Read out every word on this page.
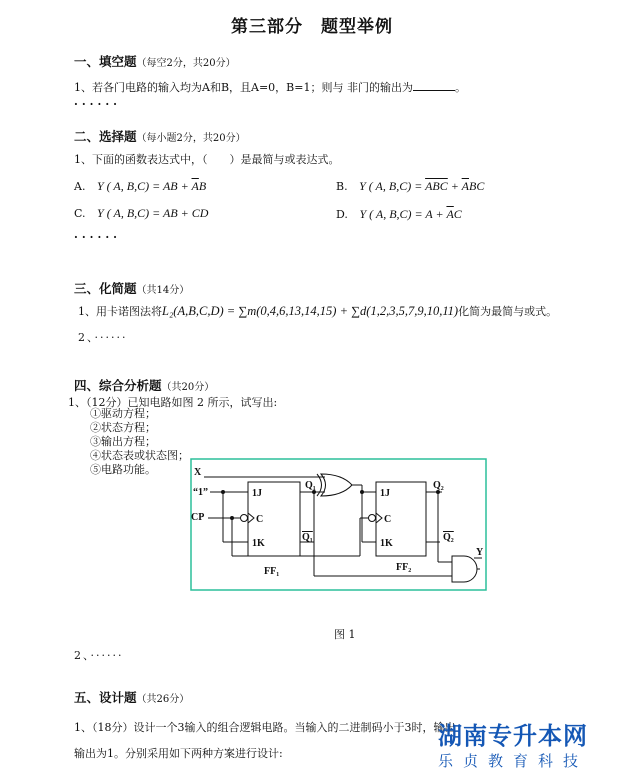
第三部分　题型举例
一、填空题（每空2分，共20分）
1、若各门电路的输入均为A和B，且A=0，B=1；则与 非门的输出为	。
······
二、选择题（每小题2分，共20分）
1、下面的函数表达式中，（　　）是最简与或表达式。
A. Y ( A, B,C) = AB + $\overline{A}B$	B. Y ( A, $B,C) = \overline{ABC} + \overline{A}BC$
C. Y ( A, B,C) = AB + CD	D. Y ( A, $B,C) = A + \overline{A}C$
······
三、化简题（共14分）
1、用卡诺图法将L₂(A,B,C,D) = ∑m(0,4,6,13,14,15) + ∑d(1,2,3,5,7,9,10,11)化简为最简与或式。
2、······
四、综合分析题（共20分）
1、（12分）已知电路如图 2 所示，试写出:
①驱动方程；
②状态方程；
③输出方程；
④状态表或状态图；
⑤电路功能。	X
“1”
CP
1J
C
1K
Q₁
Q₁
1J
C
1K
Q₂
Q₂
Y
FF₁	FF₂
图 1
2、······
五、设计题（共26分）
1、（18分）设计一个3输入的组合逻辑电路。当输入的二进制码小于3时，输出
输出为1。分别采用如下两种方案进行设计:
湖南专升本网
乐贞教育科技
